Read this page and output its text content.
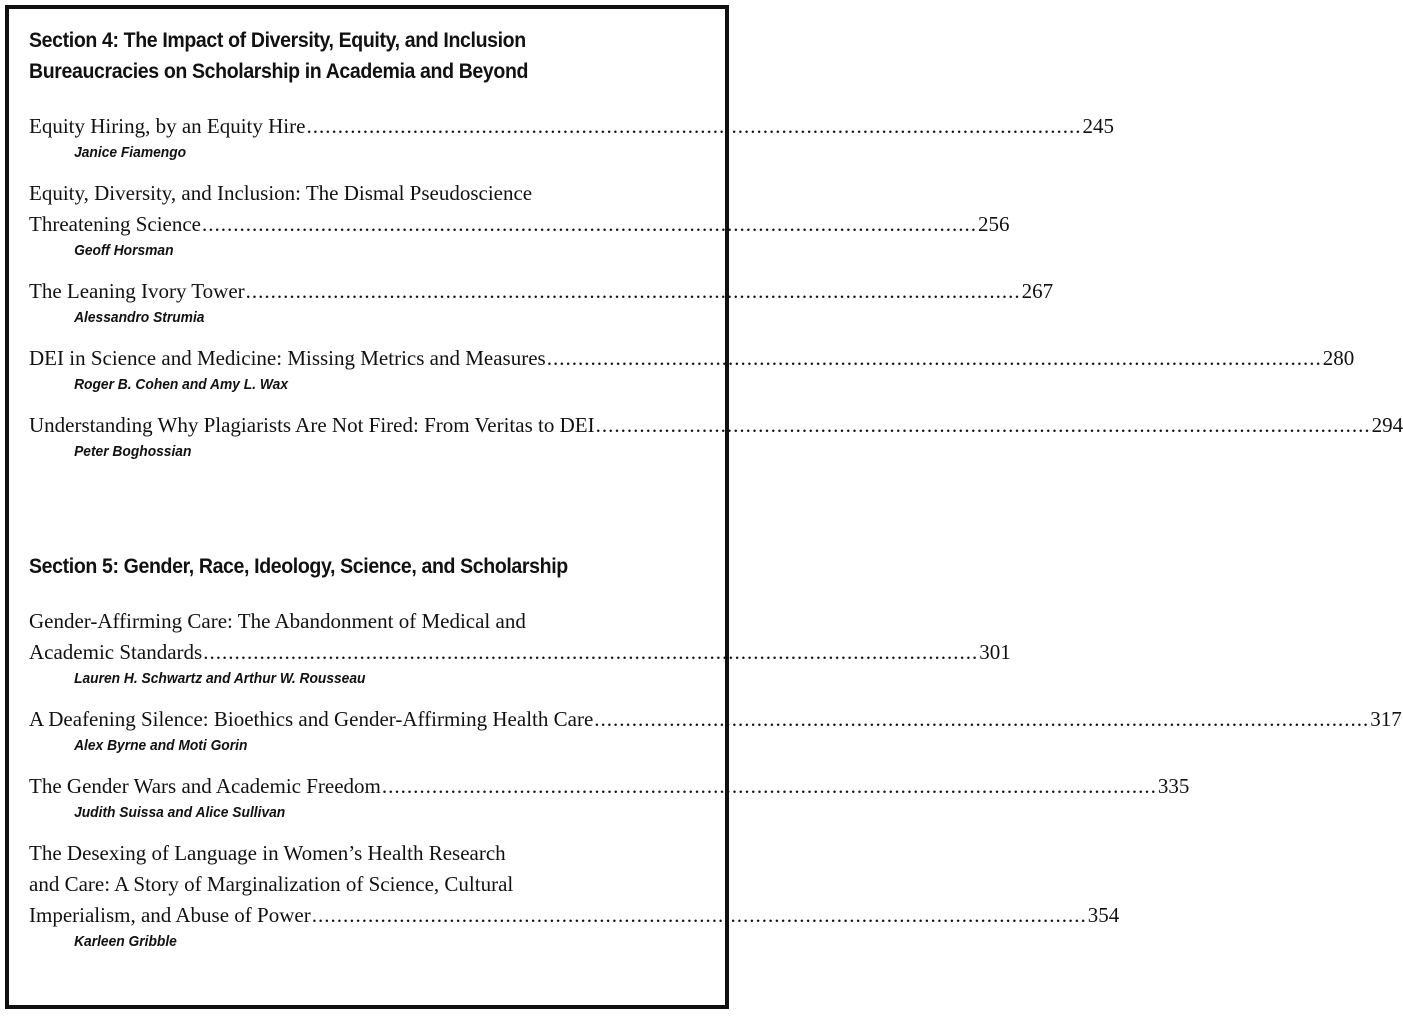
Section 4: The Impact of Diversity, Equity, and Inclusion
Bureaucracies on Scholarship in Academia and Beyond
Equity Hiring, by an Equity Hire ............................................................................................................................ 245
Janice Fiamengo
Equity, Diversity, and Inclusion: The Dismal Pseudoscience
Threatening Science ............................................................................................................................ 256
Geoff Horsman
The Leaning Ivory Tower ............................................................................................................................ 267
Alessandro Strumia
DEI in Science and Medicine: Missing Metrics and Measures ............................................................................................................................ 280
Roger B. Cohen and Amy L. Wax
Understanding Why Plagiarists Are Not Fired: From Veritas to DEI ............................................................................................................................ 294
Peter Boghossian
Section 5: Gender, Race, Ideology, Science, and Scholarship
Gender-Affirming Care: The Abandonment of Medical and
Academic Standards ............................................................................................................................ 301
Lauren H. Schwartz and Arthur W. Rousseau
A Deafening Silence: Bioethics and Gender-Affirming Health Care ............................................................................................................................ 317
Alex Byrne and Moti Gorin
The Gender Wars and Academic Freedom ............................................................................................................................ 335
Judith Suissa and Alice Sullivan
The Desexing of Language in Women’s Health Research
and Care: A Story of Marginalization of Science, Cultural
Imperialism, and Abuse of Power ............................................................................................................................ 354
Karleen Gribble
